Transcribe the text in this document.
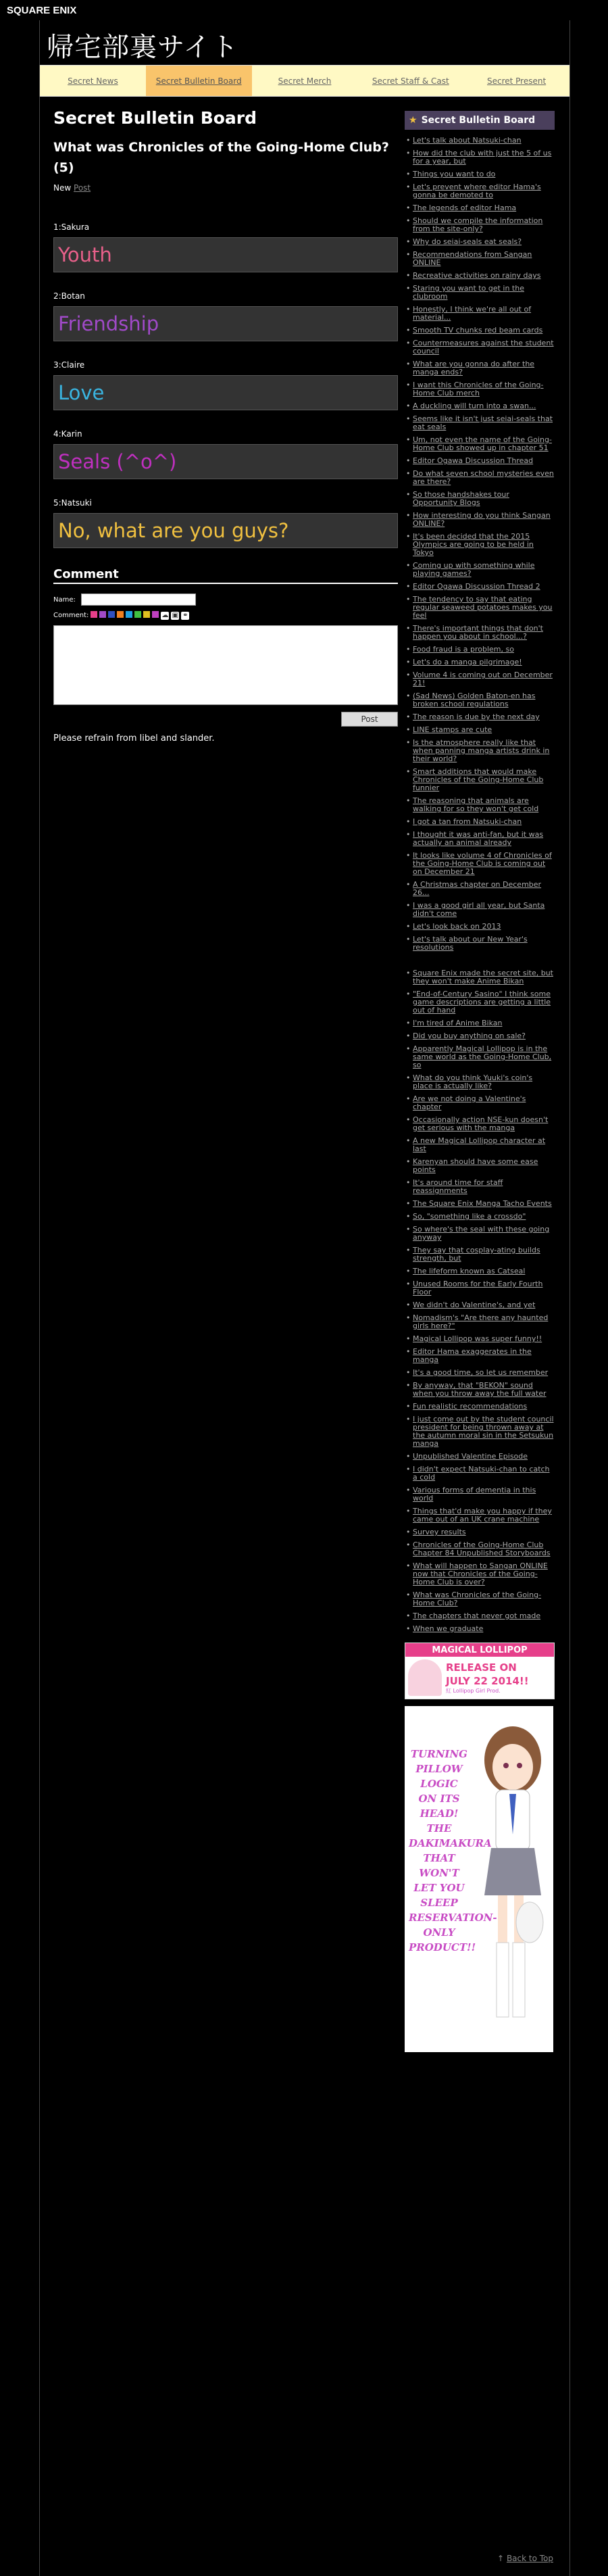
SQUARE ENIX
帰宅部裏サイト
Secret News	Secret Bulletin Board	Secret Merch	Secret Staff & Cast	Secret Present
Secret Bulletin Board
What was Chronicles of the Going-Home Club? (5)
New Post
1:Sakura
Youth
2:Botan
Friendship
3:Claire
Love
4:Karin
Seals (^o^)
5:Natsuki
No, what are you guys?
Comment
Name:
Comment:	☁ ▣ ⚭
Post
Please refrain from libel and slander.
★ Secret Bulletin Board
• Let's talk about Natsuki-chan
• How did the club with just the 5 of us for a year, but
• Things you want to do
• Let's prevent where editor Hama's gonna be demoted to
• The legends of editor Hama
• Should we compile the information from the site-only?
• Why do seiai-seals eat seals?
• Recommendations from Sangan ONLINE
• Recreative activities on rainy days
• Staring you want to get in the clubroom
• Honestly, I think we're all out of material...
• Smooth TV chunks red beam cards
• Countermeasures against the student council
• What are you gonna do after the manga ends?
• I want this Chronicles of the Going-Home Club merch
• A duckling will turn into a swan...
• Seems like it isn't just seiai-seals that eat seals
• Um, not even the name of the Going-Home Club showed up in chapter 51
• Editor Ogawa Discussion Thread
• Do what seven school mysteries even are there?
• So those handshakes tour Opportunity Blogs
• How interesting do you think Sangan ONLINE?
• It's been decided that the 2015 Olympics are going to be held in Tokyo
• Coming up with something while playing games?
• Editor Ogawa Discussion Thread 2
• The tendency to say that eating regular seaweed potatoes makes you feel
• There's important things that don't happen you about in school...?
• Food fraud is a problem, so
• Let's do a manga pilgrimage!
• Volume 4 is coming out on December 21!
• (Sad News) Golden Baton-en has broken school regulations
• The reason is due by the next day
• LINE stamps are cute
• Is the atmosphere really like that when panning manga artists drink in their world?
• Smart additions that would make Chronicles of the Going-Home Club funnier
• The reasoning that animals are walking for so they won't get cold
• I got a tan from Natsuki-chan
• I thought it was anti-fan, but it was actually an animal already
• It looks like volume 4 of Chronicles of the Going-Home Club is coming out on December 21
• A Christmas chapter on December 26...
• I was a good girl all year, but Santa didn't come
• Let's look back on 2013
• Let's talk about our New Year's resolutions
• Square Enix made the secret site, but they won't make Anime Bikan
• "End-of-Century Sasino" I think some game descriptions are getting a little out of hand
• I'm tired of Anime Bikan
• Did you buy anything on sale?
• Apparently Magical Lollipop is in the same world as the Going-Home Club, so
• What do you think Yuuki's coin's place is actually like?
• Are we not doing a Valentine's chapter
• Occasionally action NSE-kun doesn't get serious with the manga
• A new Magical Lollipop character at last
• Karenyan should have some ease points
• It's around time for staff reassignments
• The Square Enix Manga Tacho Events
• So, "something like a crossdo"
• So where's the seal with these going anyway
• They say that cosplay-ating builds strength, but
• The lifeform known as Catseal
• Unused Rooms for the Early Fourth Floor
• We didn't do Valentine's, and yet
• Nomadism's "Are there any haunted girls here?"
• Magical Lollipop was super funny!!
• Editor Hama exaggerates in the manga
• It's a good time, so let us remember
• By anyway, that "BEKON" sound when you throw away the full water
• Fun realistic recommendations
• I just come out by the student council president for being thrown away at the autumn moral sin in the Setsukun manga
• Unpublished Valentine Episode
• I didn't expect Natsuki-chan to catch a cold
• Various forms of dementia in this world
• Things that'd make you happy if they came out of an UK crane machine
• Survey results
• Chronicles of the Going-Home Club Chapter 84 Unpublished Storyboards
• What will happen to Sangan ONLINE now that Chronicles of the Going-Home Club is over?
• What was Chronicles of the Going-Home Club?
• The chapters that never got made
• When we graduate
MAGICAL LOLLIPOP
RELEASE ON
JULY 22 2014!!
紅 Lollipop Girl Prod.
TURNING
PILLOW
LOGIC
ON ITS
HEAD!
THE
DAKIMAKURA
THAT
WON'T
LET YOU
SLEEP
RESERVATION-
ONLY
PRODUCT!!
↑ Back to Top
